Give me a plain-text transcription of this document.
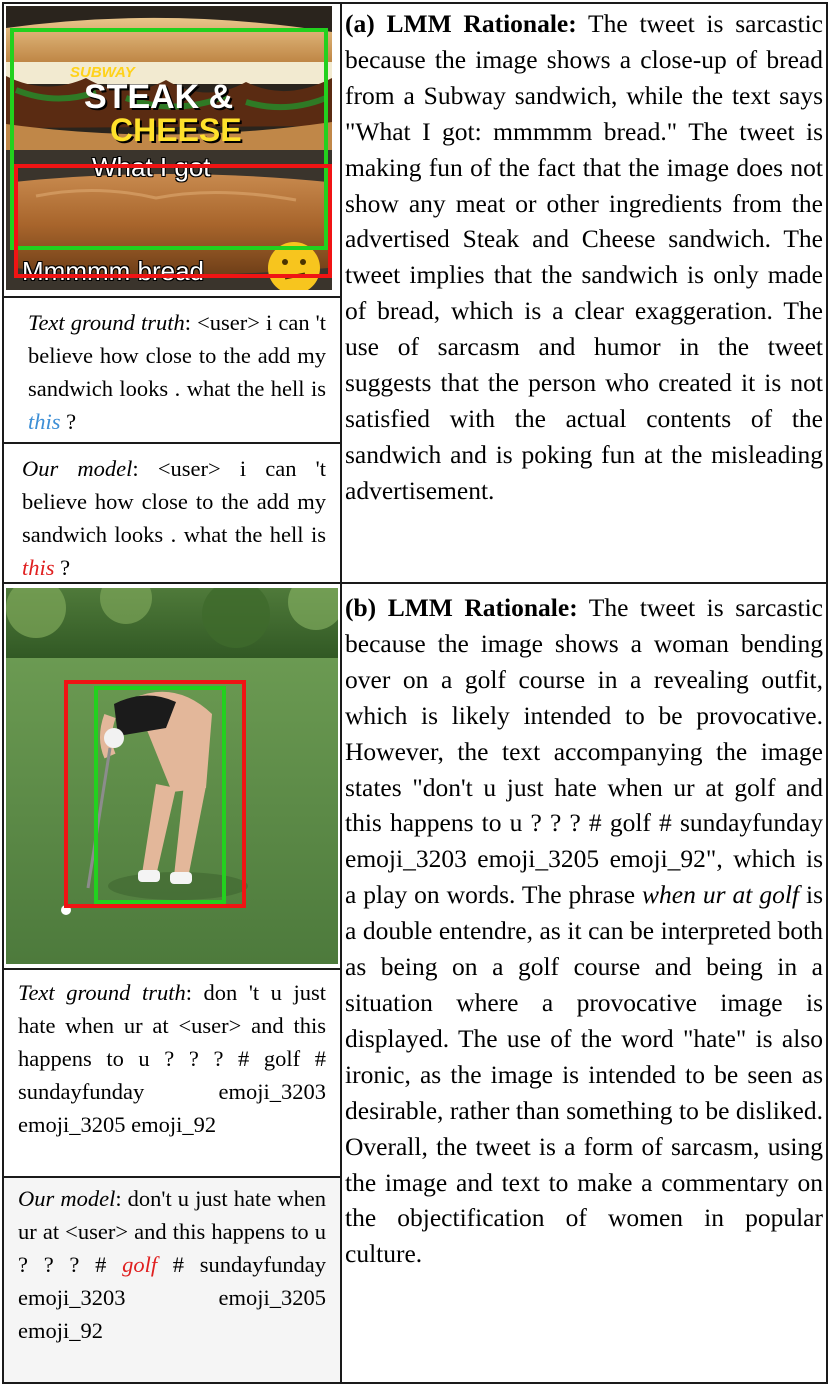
SUBWAY
STEAK &
CHEESE
What I got
Mmmmm bread

Text ground truth: <user> i can 't believe how close to the add my sandwich looks . what the hell is this ?

Our model: <user> i can 't believe how close to the add my sandwich looks . what the hell is this ?

(a) LMM Rationale: The tweet is sarcastic because the image shows a close-up of bread from a Subway sandwich, while the text says "What I got: mmmmm bread." The tweet is making fun of the fact that the image does not show any meat or other ingredients from the advertised Steak and Cheese sandwich. The tweet implies that the sandwich is only made of bread, which is a clear exaggeration. The use of sarcasm and humor in the tweet suggests that the person who created it is not satisfied with the actual contents of the sandwich and is poking fun at the misleading advertisement.

Text ground truth: don 't u just hate when ur at <user> and this happens to u ? ? ? # golf # sundayfunday emoji_3203 emoji_3205 emoji_92

Our model: don't u just hate when ur at <user> and this happens to u ? ? ? # golf # sundayfunday emoji_3203 emoji_3205 emoji_92

(b) LMM Rationale: The tweet is sarcastic because the image shows a woman bending over on a golf course in a revealing outfit, which is likely intended to be provocative. However, the text accompanying the image states "don't u just hate when ur at golf and this happens to u ? ? ? # golf # sundayfunday emoji_3203 emoji_3205 emoji_92", which is a play on words. The phrase when ur at golf is a double entendre, as it can be interpreted both as being on a golf course and being in a situation where a provocative image is displayed. The use of the word "hate" is also ironic, as the image is intended to be seen as desirable, rather than something to be disliked. Overall, the tweet is a form of sarcasm, using the image and text to make a commentary on the objectification of women in popular culture.
